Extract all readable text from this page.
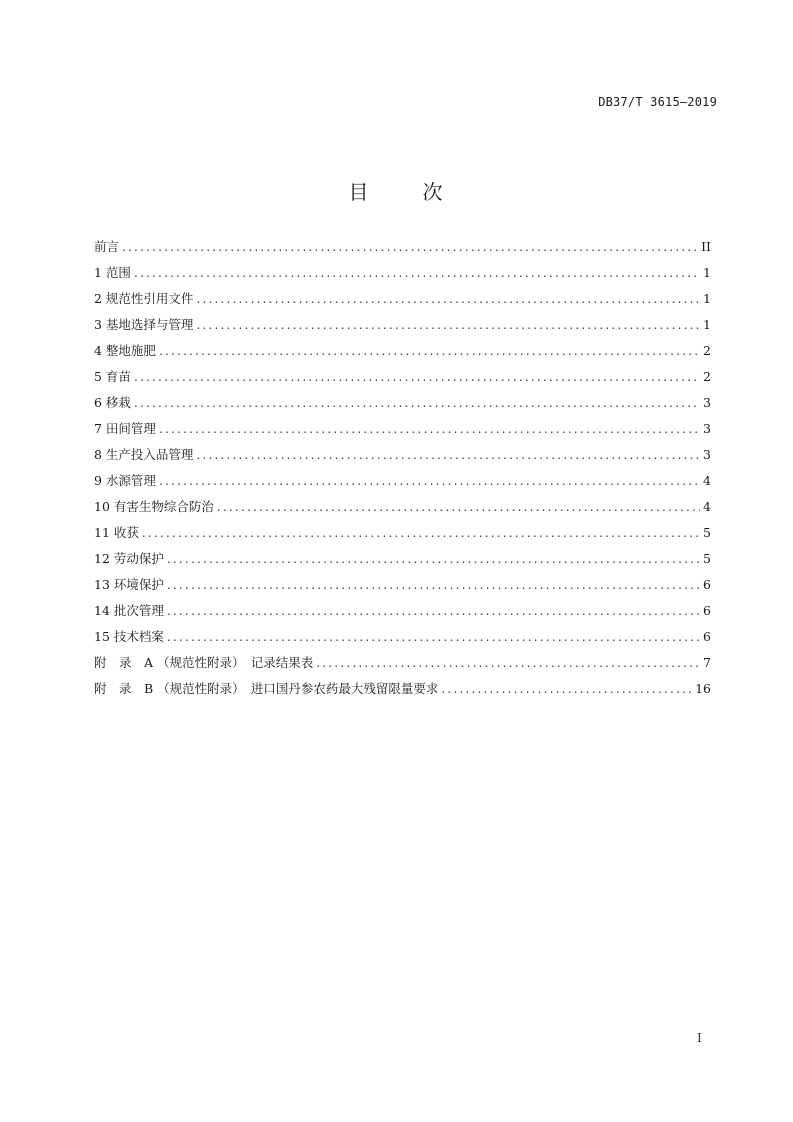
DB37/T 3615—2019
目	次
前言 .....	II
1 范围 .....	1
2 规范性引用文件 .....	1
3 基地选择与管理 .....	1
4 整地施肥 .....	2
5 育苗 .....	2
6 移栽 .....	3
7 田间管理 .....	3
8 生产投入品管理 .....	3
9 水源管理 .....	4
10 有害生物综合防治 .....	4
11 收获 .....	5
12 劳动保护 .....	5
13 环境保护 .....	6
14 批次管理 .....	6
15 技术档案 .....	6
附　录　A （规范性附录）　记录结果表 .....	7
附　录　B （规范性附录）　进口国丹参农药最大残留限量要求 .....	16
I
